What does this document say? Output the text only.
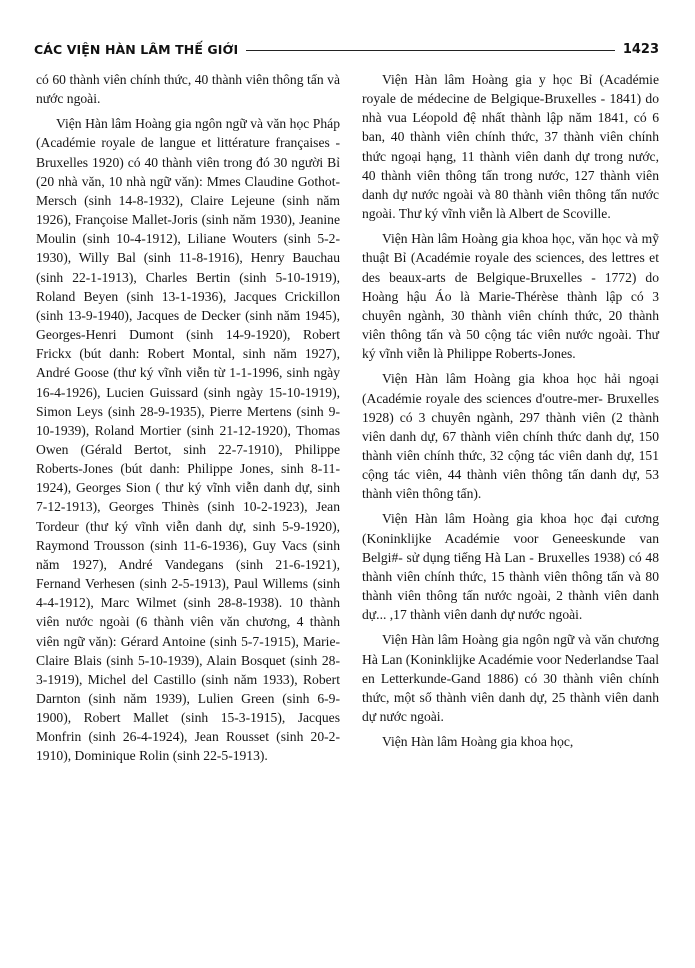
CÁC VIỆN HÀN LÂM THẾ GIỚI	1423

có 60 thành viên chính thức, 40 thành viên thông tấn và nước ngoài.

Viện Hàn lâm Hoàng gia ngôn ngữ và văn học Pháp (Académie royale de langue et littérature françaises - Bruxelles 1920) có 40 thành viên trong đó 30 người Bỉ (20 nhà văn, 10 nhà ngữ văn): Mmes Claudine Gothot-Mersch (sinh 14-8-1932), Claire Lejeune (sinh năm 1926), Françoise Mallet-Joris (sinh năm 1930), Jeanine Moulin (sinh 10-4-1912), Liliane Wouters (sinh 5-2-1930), Willy Bal (sinh 11-8-1916), Henry Bauchau (sinh 22-1-1913), Charles Bertin (sinh 5-10-1919), Roland Beyen (sinh 13-1-1936), Jacques Crickillon (sinh 13-9-1940), Jacques de Decker (sinh năm 1945), Georges-Henri Dumont (sinh 14-9-1920), Robert Frickx (bút danh: Robert Montal, sinh năm 1927), André Goose (thư ký vĩnh viễn từ 1-1-1996, sinh ngày 16-4-1926), Lucien Guissard (sinh ngày 15-10-1919), Simon Leys (sinh 28-9-1935), Pierre Mertens (sinh 9-10-1939), Roland Mortier (sinh 21-12-1920), Thomas Owen (Gérald Bertot, sinh 22-7-1910), Philippe Roberts-Jones (bút danh: Philippe Jones, sinh 8-11-1924), Georges Sion ( thư ký vĩnh viễn danh dự, sinh 7-12-1913), Georges Thinès (sinh 10-2-1923), Jean Tordeur (thư ký vĩnh viễn danh dự, sinh 5-9-1920), Raymond Trousson (sinh 11-6-1936), Guy Vacs (sinh năm 1927), André Vandegans (sinh 21-6-1921), Fernand Verhesen (sinh 2-5-1913), Paul Willems (sinh 4-4-1912), Marc Wilmet (sinh 28-8-1938). 10 thành viên nước ngoài (6 thành viên văn chương, 4 thành viên ngữ văn): Gérard Antoine (sinh 5-7-1915), Marie-Claire Blais (sinh 5-10-1939), Alain Bosquet (sinh 28-3-1919), Michel del Castillo (sinh năm 1933), Robert Darnton (sinh năm 1939), Lulien Green (sinh 6-9-1900), Robert Mallet (sinh 15-3-1915), Jacques Monfrin (sinh 26-4-1924), Jean Rousset (sinh 20-2-1910), Dominique Rolin (sinh 22-5-1913).

Viện Hàn lâm Hoàng gia y học Bỉ (Académie royale de médecine de Belgique-Bruxelles - 1841) do nhà vua Léopold đệ nhất thành lập năm 1841, có 6 ban, 40 thành viên chính thức, 37 thành viên chính thức ngoại hạng, 11 thành viên danh dự trong nước, 40 thành viên thông tấn trong nước, 127 thành viên danh dự nước ngoài và 80 thành viên thông tấn nước ngoài. Thư ký vĩnh viễn là Albert de Scoville.

Viện Hàn lâm Hoàng gia khoa học, văn học và mỹ thuật Bỉ (Académie royale des sciences, des lettres et des beaux-arts de Belgique-Bruxelles - 1772) do Hoàng hậu Áo là Marie-Thérèse thành lập có 3 chuyên ngành, 30 thành viên chính thức, 20 thành viên thông tấn và 50 cộng tác viên nước ngoài. Thư ký vĩnh viễn là Philippe Roberts-Jones.

Viện Hàn lâm Hoàng gia khoa học hải ngoại (Académie royale des sciences d'outre-mer- Bruxelles 1928) có 3 chuyên ngành, 297 thành viên (2 thành viên danh dự, 67 thành viên chính thức danh dự, 150 thành viên chính thức, 32 cộng tác viên danh dự, 151 cộng tác viên, 44 thành viên thông tấn danh dự, 53 thành viên thông tấn).

Viện Hàn lâm Hoàng gia khoa học đại cương (Koninklijke Académie voor Geneeskunde van Belgi#- sử dụng tiếng Hà Lan - Bruxelles 1938) có 48 thành viên chính thức, 15 thành viên thông tấn và 80 thành viên thông tấn nước ngoài, 2 thành viên danh dự... ,17 thành viên danh dự nước ngoài.

Viện Hàn lâm Hoàng gia ngôn ngữ và văn chương Hà Lan (Koninklijke Académie voor Nederlandse Taal en Letterkunde-Gand 1886) có 30 thành viên chính thức, một số thành viên danh dự, 25 thành viên danh dự nước ngoài.

Viện Hàn lâm Hoàng gia khoa học,
